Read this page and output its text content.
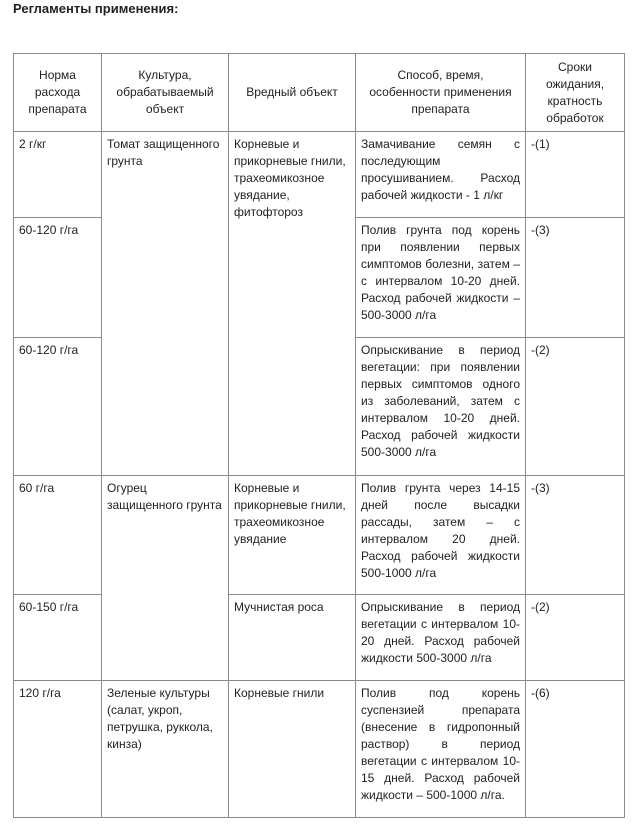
Регламенты применения:
Норма расхода препарата	Культура, обрабатываемый объект	Вредный объект	Способ, время, особенности применения препарата	Сроки ожидания, кратность обработок
2 г/кг	Томат защищенного грунта	Корневые и прикорневые гнили, трахеомикозное увядание, фитофтороз	Замачивание семян с последующим просушиванием. Расход рабочей жидкости - 1 л/кг	-(1)
60-120 г/га			Полив грунта под корень при появлении первых симптомов болезни, затем – с интервалом 10-20 дней. Расход рабочей жидкости – 500-3000 л/га	-(3)
60-120 г/га			Опрыскивание в период вегетации: при появлении первых симптомов одного из заболеваний, затем с интервалом 10-20 дней. Расход рабочей жидкости 500-3000 л/га	-(2)
60 г/га	Огурец защищенного грунта	Корневые и прикорневые гнили, трахеомикозное увядание	Полив грунта через 14-15 дней после высадки рассады, затем – с интервалом 20 дней. Расход рабочей жидкости 500-1000 л/га	-(3)
60-150 г/га		Мучнистая роса	Опрыскивание в период вегетации с интервалом 10-20 дней. Расход рабочей жидкости 500-3000 л/га	-(2)
120 г/га	Зеленые культуры (салат, укроп, петрушка, руккола, кинза)	Корневые гнили	Полив под корень суспензией препарата (внесение в гидропонный раствор) в период вегетации с интервалом 10-15 дней. Расход рабочей жидкости – 500-1000 л/га.	-(6)
